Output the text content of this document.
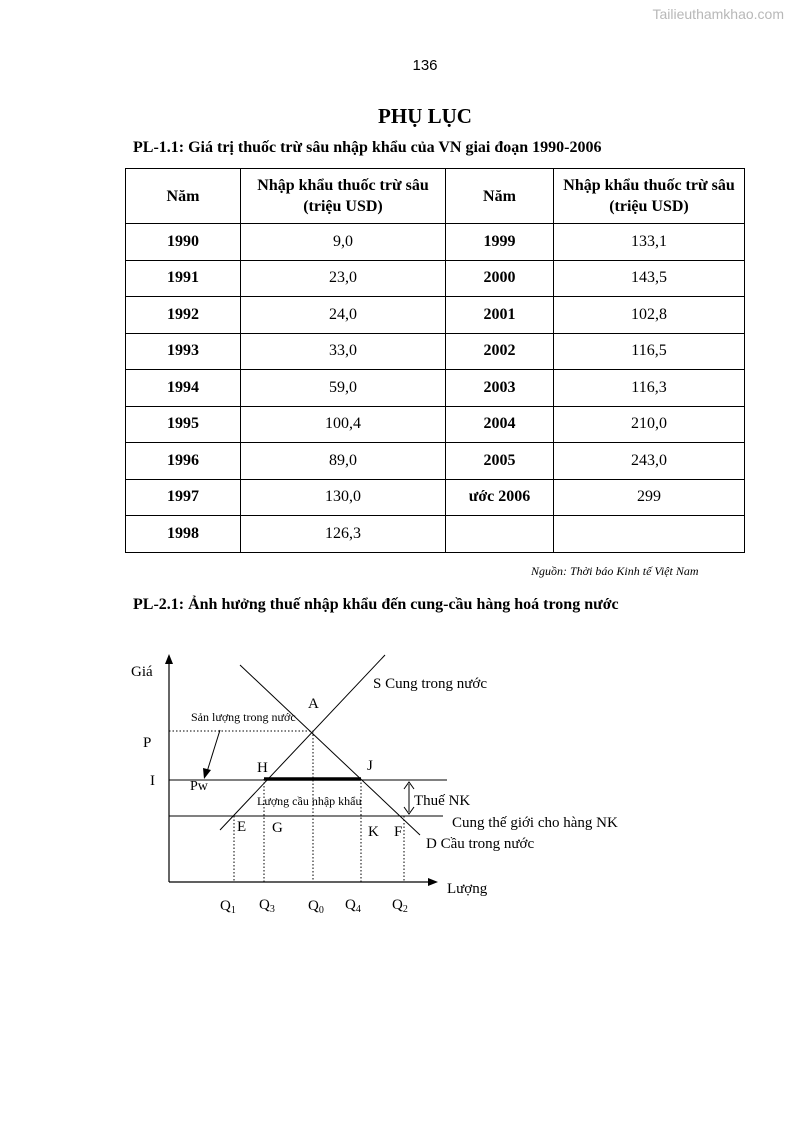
Tailieuthamkhao.com
136
PHỤ LỤC
PL-1.1: Giá trị thuốc trừ sâu nhập khẩu của VN giai đoạn 1990-2006
Năm	Nhập khẩu thuốc trừ sâu (triệu USD)	Năm	Nhập khẩu thuốc trừ sâu (triệu USD)
1990	9,0	1999	133,1
1991	23,0	2000	143,5
1992	24,0	2001	102,8
1993	33,0	2002	116,5
1994	59,0	2003	116,3
1995	100,4	2004	210,0
1996	89,0	2005	243,0
1997	130,0	ước 2006	299
1998	126,3		
Nguồn: Thời báo Kinh tế Việt Nam
PL-2.1: Ảnh hưởng thuế nhập khẩu đến cung-cầu hàng hoá trong nước
Giá
Lượng
P
I	Pw
A
H	J
E G	K F
S Cung trong nước
D Cầu trong nước
Cung thế giới cho hàng NK
Thuế NK
Sản lượng trong nước
Lượng cầu nhập khẩu
$Q_1$ $Q_3$ $Q_0$ $Q_4$ $Q_2$
